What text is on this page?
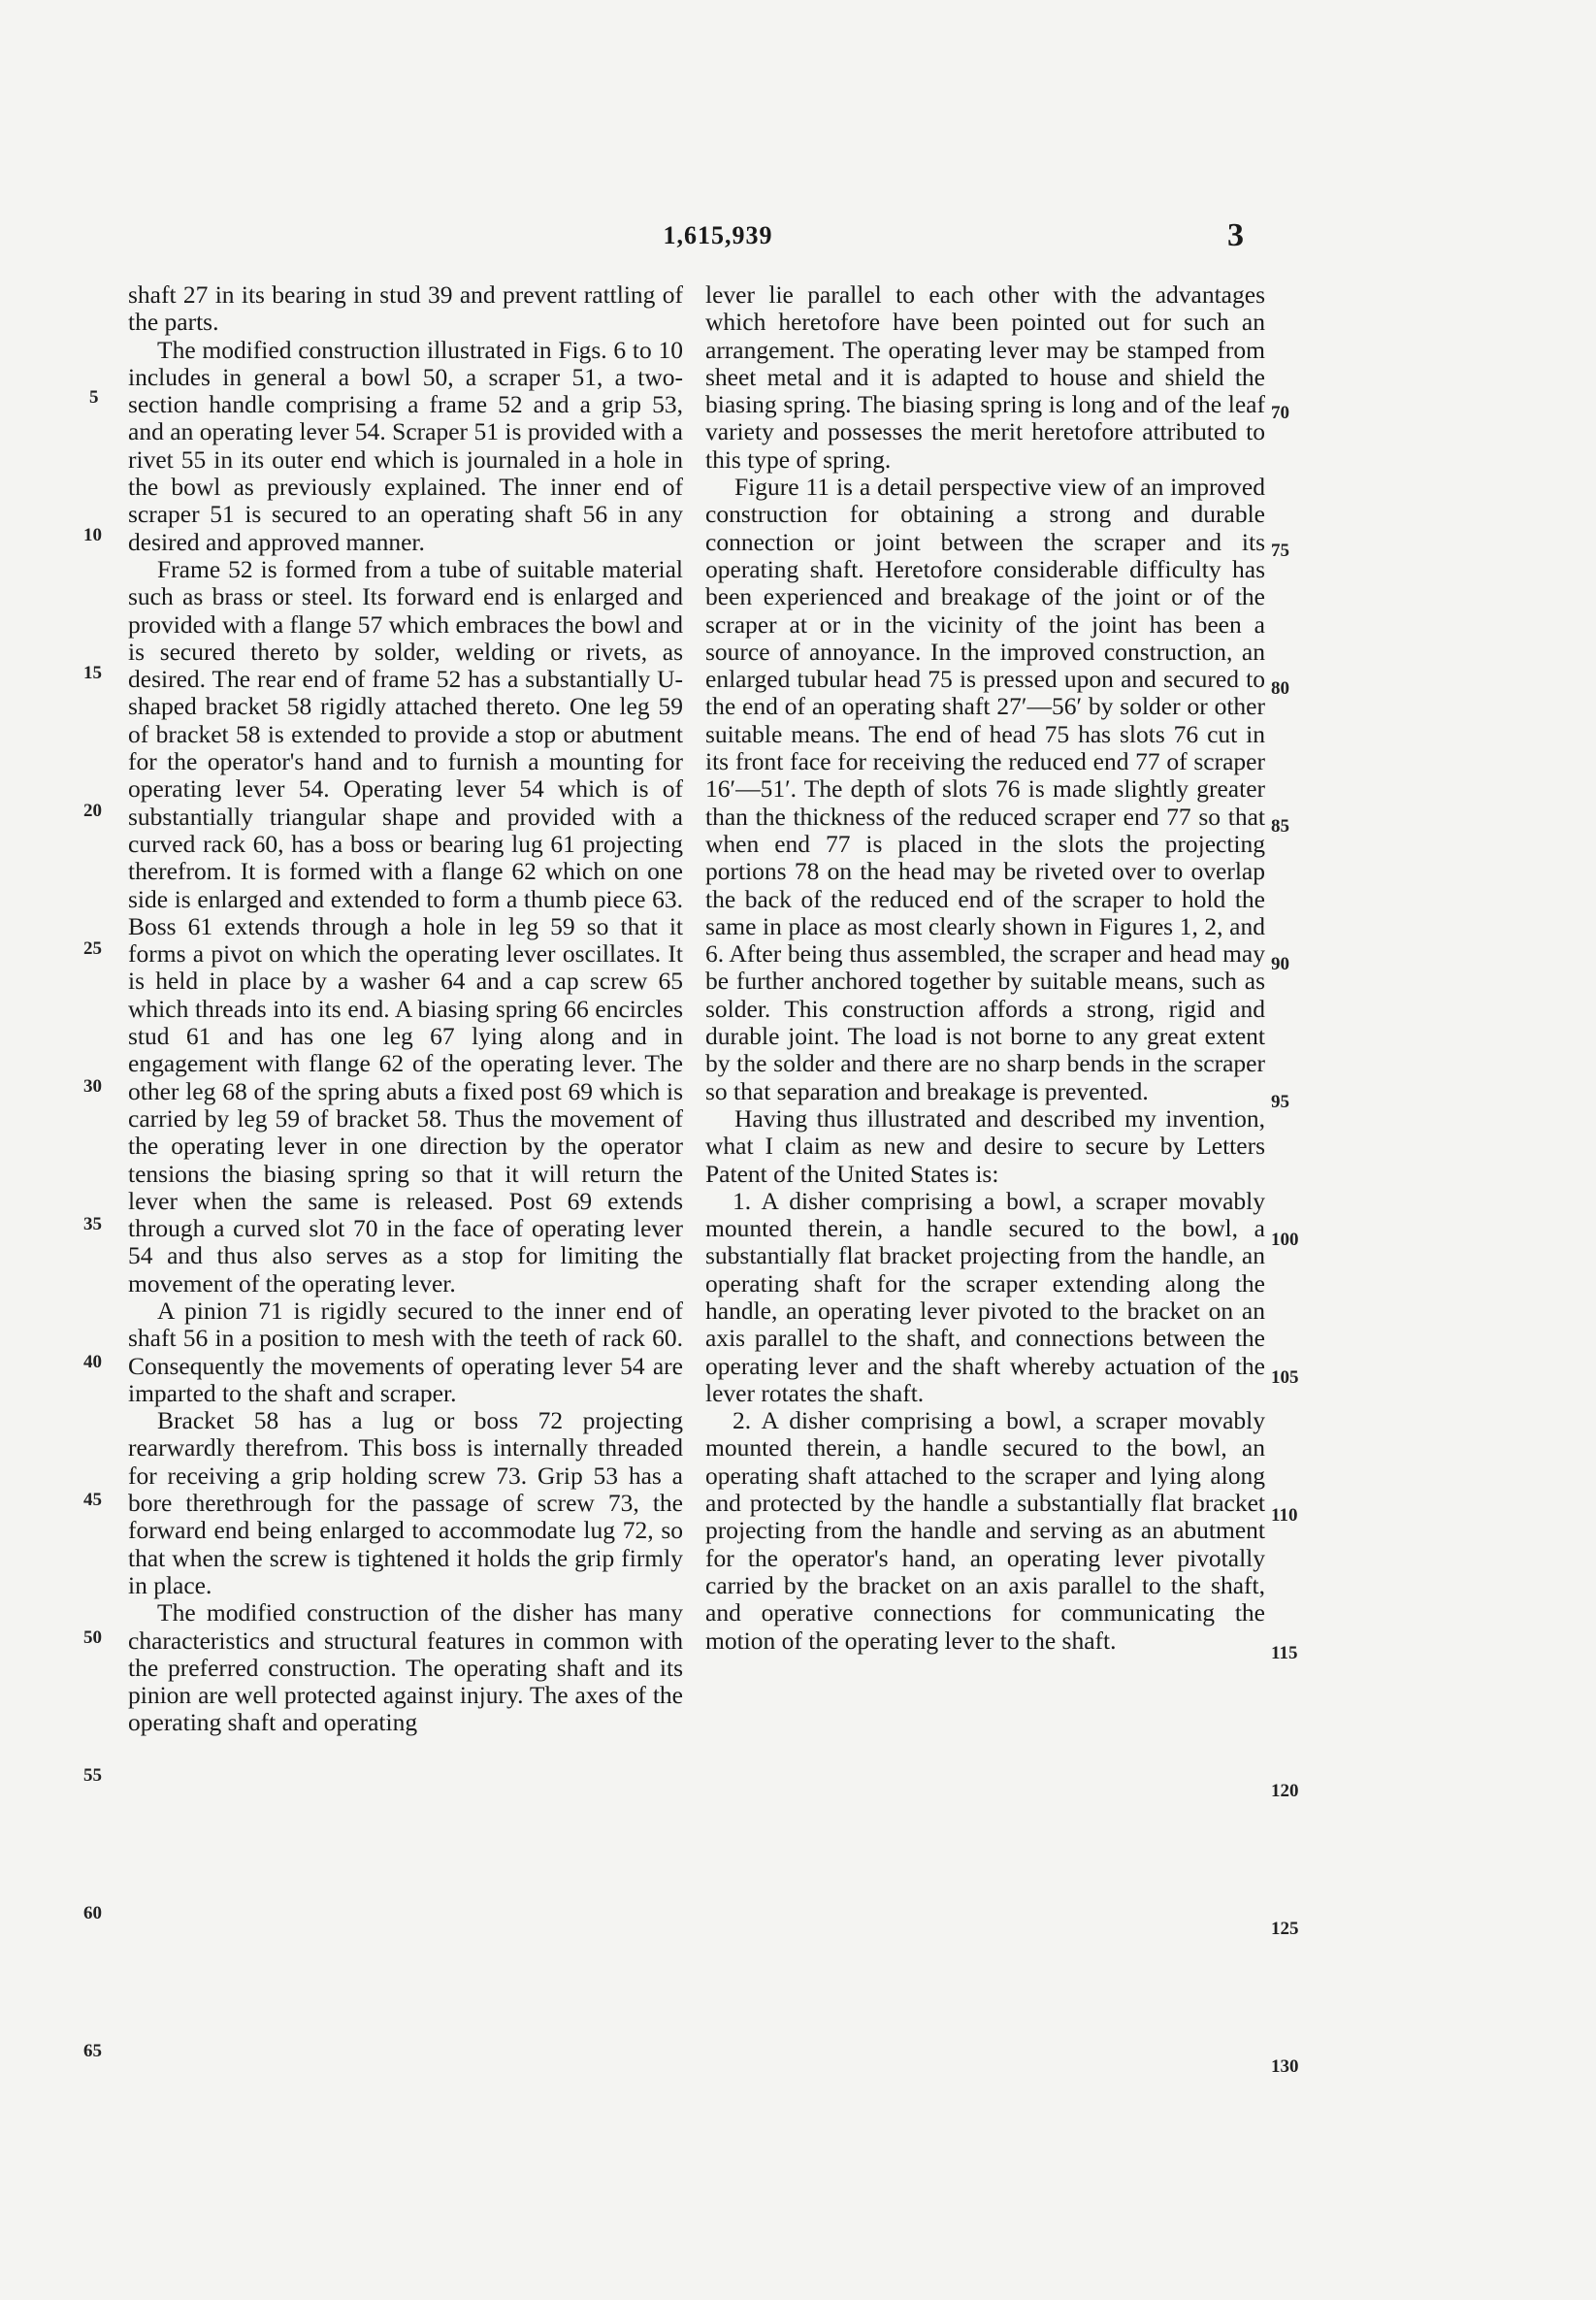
1,615,939	3

shaft 27 in its bearing in stud 39 and prevent rattling of the parts.

The modified construction illustrated in Figs. 6 to 10 includes in general a bowl 50, a scraper 51, a two-section handle comprising a frame 52 and a grip 53, and an operating lever 54. Scraper 51 is provided with a rivet 55 in its outer end which is journaled in a hole in the bowl as previously explained. The inner end of scraper 51 is secured to an operating shaft 56 in any desired and approved manner.

Frame 52 is formed from a tube of suitable material such as brass or steel. Its forward end is enlarged and provided with a flange 57 which embraces the bowl and is secured thereto by solder, welding or rivets, as desired. The rear end of frame 52 has a substantially U-shaped bracket 58 rigidly attached thereto. One leg 59 of bracket 58 is extended to provide a stop or abutment for the operator's hand and to furnish a mounting for operating lever 54. Operating lever 54 which is of substantially triangular shape and provided with a curved rack 60, has a boss or bearing lug 61 projecting therefrom. It is formed with a flange 62 which on one side is enlarged and extended to form a thumb piece 63. Boss 61 extends through a hole in leg 59 so that it forms a pivot on which the operating lever oscillates. It is held in place by a washer 64 and a cap screw 65 which threads into its end. A biasing spring 66 encircles stud 61 and has one leg 67 lying along and in engagement with flange 62 of the operating lever. The other leg 68 of the spring abuts a fixed post 69 which is carried by leg 59 of bracket 58. Thus the movement of the operating lever in one direction by the operator tensions the biasing spring so that it will return the lever when the same is released. Post 69 extends through a curved slot 70 in the face of operating lever 54 and thus also serves as a stop for limiting the movement of the operating lever.

A pinion 71 is rigidly secured to the inner end of shaft 56 in a position to mesh with the teeth of rack 60. Consequently the movements of operating lever 54 are imparted to the shaft and scraper.

Bracket 58 has a lug or boss 72 projecting rearwardly therefrom. This boss is internally threaded for receiving a grip holding screw 73. Grip 53 has a bore therethrough for the passage of screw 73, the forward end being enlarged to accommodate lug 72, so that when the screw is tightened it holds the grip firmly in place.

The modified construction of the disher has many characteristics and structural features in common with the preferred construction. The operating shaft and its pinion are well protected against injury. The axes of the operating shaft and operating

lever lie parallel to each other with the advantages which heretofore have been pointed out for such an arrangement. The operating lever may be stamped from sheet metal and it is adapted to house and shield the biasing spring. The biasing spring is long and of the leaf variety and possesses the merit heretofore attributed to this type of spring.

Figure 11 is a detail perspective view of an improved construction for obtaining a strong and durable connection or joint between the scraper and its operating shaft. Heretofore considerable difficulty has been experienced and breakage of the joint or of the scraper at or in the vicinity of the joint has been a source of annoyance. In the improved construction, an enlarged tubular head 75 is pressed upon and secured to the end of an operating shaft 27′—56′ by solder or other suitable means. The end of head 75 has slots 76 cut in its front face for receiving the reduced end 77 of scraper 16′—51′. The depth of slots 76 is made slightly greater than the thickness of the reduced scraper end 77 so that when end 77 is placed in the slots the projecting portions 78 on the head may be riveted over to overlap the back of the reduced end of the scraper to hold the same in place as most clearly shown in Figures 1, 2, and 6. After being thus assembled, the scraper and head may be further anchored together by suitable means, such as solder. This construction affords a strong, rigid and durable joint. The load is not borne to any great extent by the solder and there are no sharp bends in the scraper so that separation and breakage is prevented.

Having thus illustrated and described my invention, what I claim as new and desire to secure by Letters Patent of the United States is:

1. A disher comprising a bowl, a scraper movably mounted therein, a handle secured to the bowl, a substantially flat bracket projecting from the handle, an operating shaft for the scraper extending along the handle, an operating lever pivoted to the bracket on an axis parallel to the shaft, and connections between the operating lever and the shaft whereby actuation of the lever rotates the shaft.

2. A disher comprising a bowl, a scraper movably mounted therein, a handle secured to the bowl, an operating shaft attached to the scraper and lying along and protected by the handle a substantially flat bracket projecting from the handle and serving as an abutment for the operator's hand, an operating lever pivotally carried by the bracket on an axis parallel to the shaft, and operative connections for communicating the motion of the operating lever to the shaft.

5
10
15
20
25
30
35
40
45
50
55
60
65
70
75
80
85
90
95
100
105
110
115
120
125
130
